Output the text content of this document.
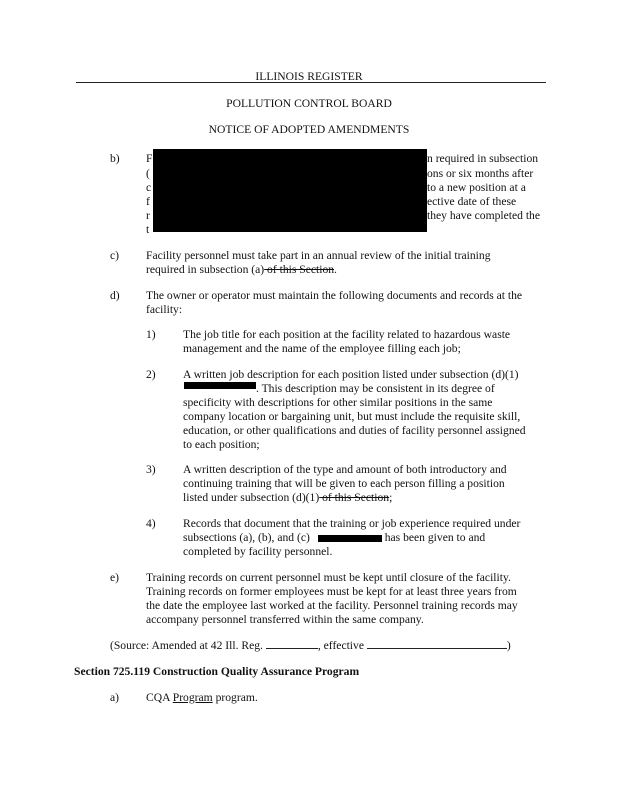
ILLINOIS REGISTER
POLLUTION CONTROL BOARD
NOTICE OF ADOPTED AMENDMENTS
b) F	n required in subsection
(	ons or six months after
c	to a new position at a
f	ective date of these
r	they have completed the
t
c) Facility personnel must take part in an annual review of the initial training
required in subsection (a) of this Section.
d) The owner or operator must maintain the following documents and records at the
facility:
1) The job title for each position at the facility related to hazardous waste
management and the name of the employee filling each job;
2) A written job description for each position listed under subsection (d)(1)
. This description may be consistent in its degree of
specificity with descriptions for other similar positions in the same
company location or bargaining unit, but must include the requisite skill,
education, or other qualifications and duties of facility personnel assigned
to each position;
3) A written description of the type and amount of both introductory and
continuing training that will be given to each person filling a position
listed under subsection (d)(1) of this Section;
4) Records that document that the training or job experience required under
subsections (a), (b), and (c)	has been given to and
completed by facility personnel.
e) Training records on current personnel must be kept until closure of the facility.
Training records on former employees must be kept for at least three years from
the date the employee last worked at the facility. Personnel training records may
accompany personnel transferred within the same company.
(Source: Amended at 42 Ill. Reg.	, effective	)
Section 725.119 Construction Quality Assurance Program
a) CQA Program program.
